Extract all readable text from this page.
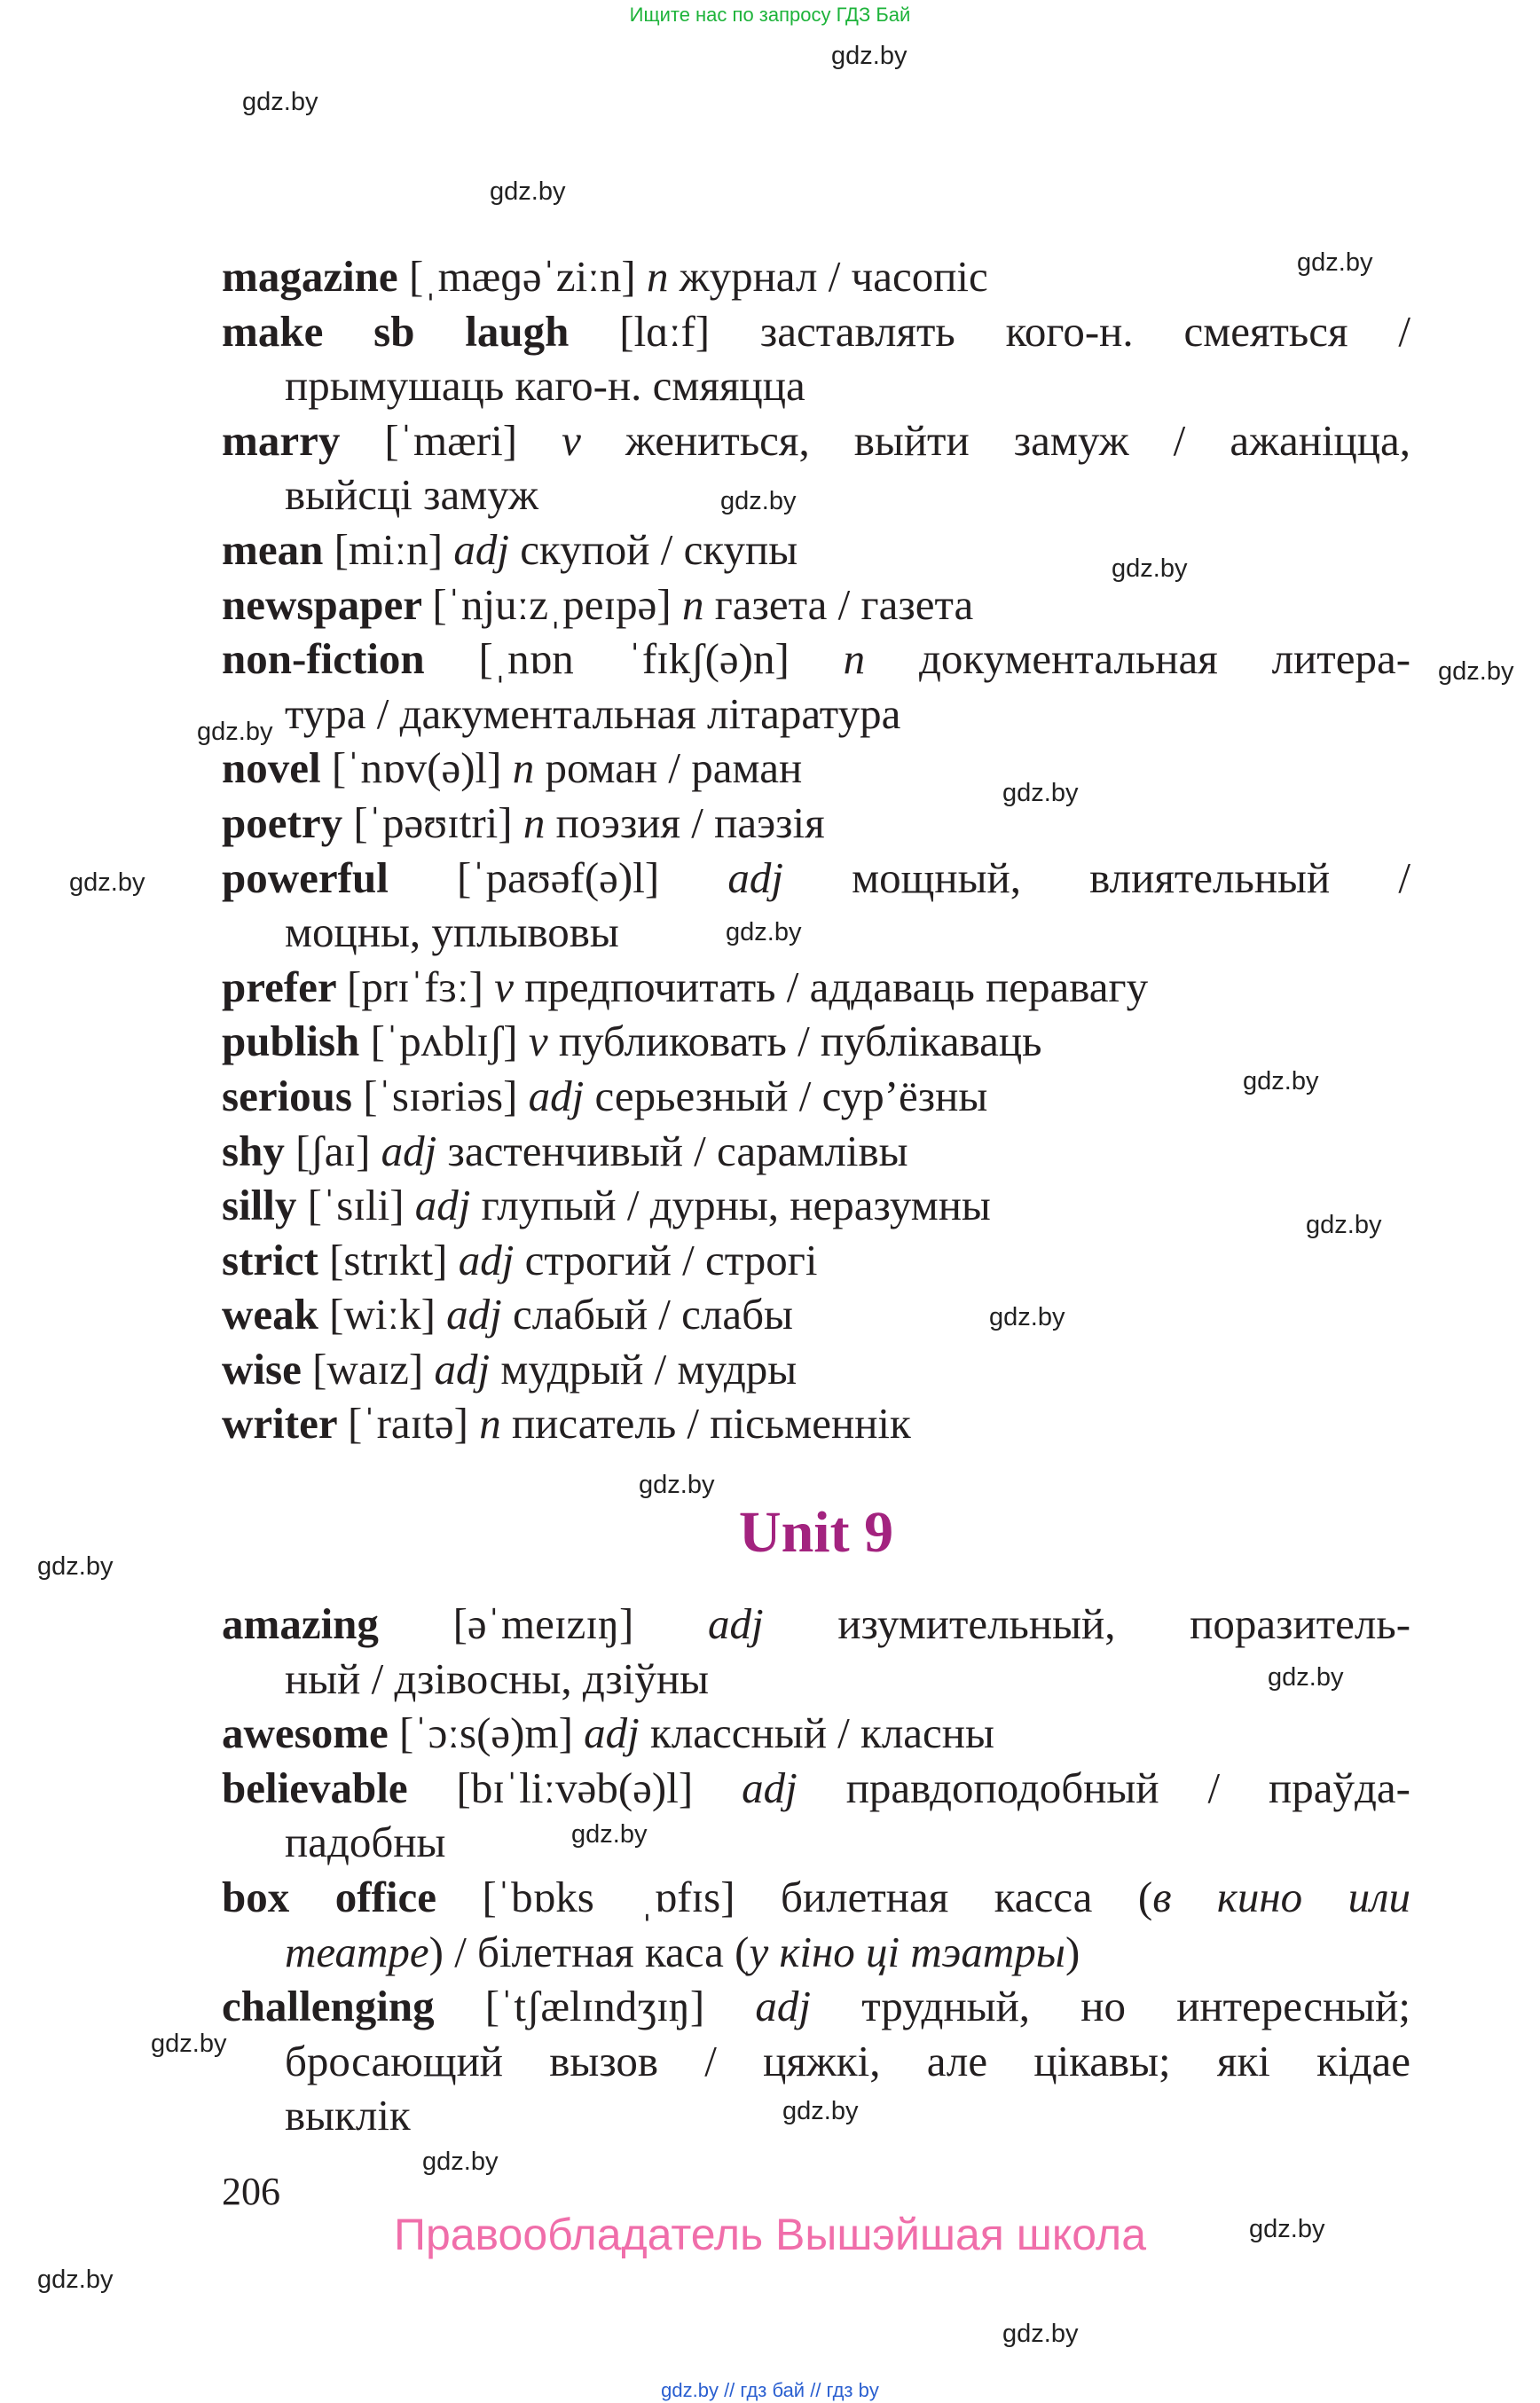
Ищите нас по запросу ГДЗ Бай
gdz.by
gdz.by
gdz.by
gdz.by
gdz.by
gdz.by
gdz.by
gdz.by
gdz.by
gdz.by
gdz.by
gdz.by
gdz.by
gdz.by
gdz.by
gdz.by
gdz.by
gdz.by
gdz.by
gdz.by
gdz.by
gdz.by
gdz.by
gdz.by
magazine [ˌmæɡəˈziːn] n журнал / часопіс
make sb laugh [lɑːf] заставлять кого-н. смеяться /
прымушаць каго-н. смяяцца
marry [ˈmæri] v жениться, выйти замуж / ажаніцца,
выйсці замуж
mean [miːn] adj скупой / скупы
newspaper [ˈnjuːzˌpeɪpə] n газета / газета
non-fiction [ˌnɒn ˈfɪkʃ(ə)n] n документальная литера-
тура / дакументальная літаратура
novel [ˈnɒv(ə)l] n роман / раман
poetry [ˈpəʊɪtri] n поэзия / паэзія
powerful [ˈpaʊəf(ə)l] adj мощный, влиятельный /
моцны, уплывовы
prefer [prɪˈfɜː] v предпочитать / аддаваць перавагу
publish [ˈpʌblɪʃ] v публиковать / публікаваць
serious [ˈsɪəriəs] adj серьезный / сур’ёзны
shy [ʃaɪ] adj застенчивый / сарамлівы
silly [ˈsɪli] adj глупый / дурны, неразумны
strict [strɪkt] adj строгий / строгі
weak [wiːk] adj слабый / слабы
wise [waɪz] adj мудрый / мудры
writer [ˈraɪtə] n писатель / пісьменнік
Unit 9
amazing [əˈmeɪzɪŋ] adj изумительный, поразитель-
ный / дзівосны, дзіўны
awesome [ˈɔːs(ə)m] adj классный / класны
believable [bɪˈliːvəb(ə)l] adj правдоподобный / праўда-
падобны
box office [ˈbɒks ˌɒfɪs] билетная касса (в кино или
театре) / білетная каса (у кіно ці тэатры)
challenging [ˈtʃælɪndʒɪŋ] adj трудный, но интересный;
бросающий вызов / цяжкі, але цікавы; які кідае
выклік
206
Правообладатель Вышэйшая школа
gdz.by // гдз бай // гдз by
